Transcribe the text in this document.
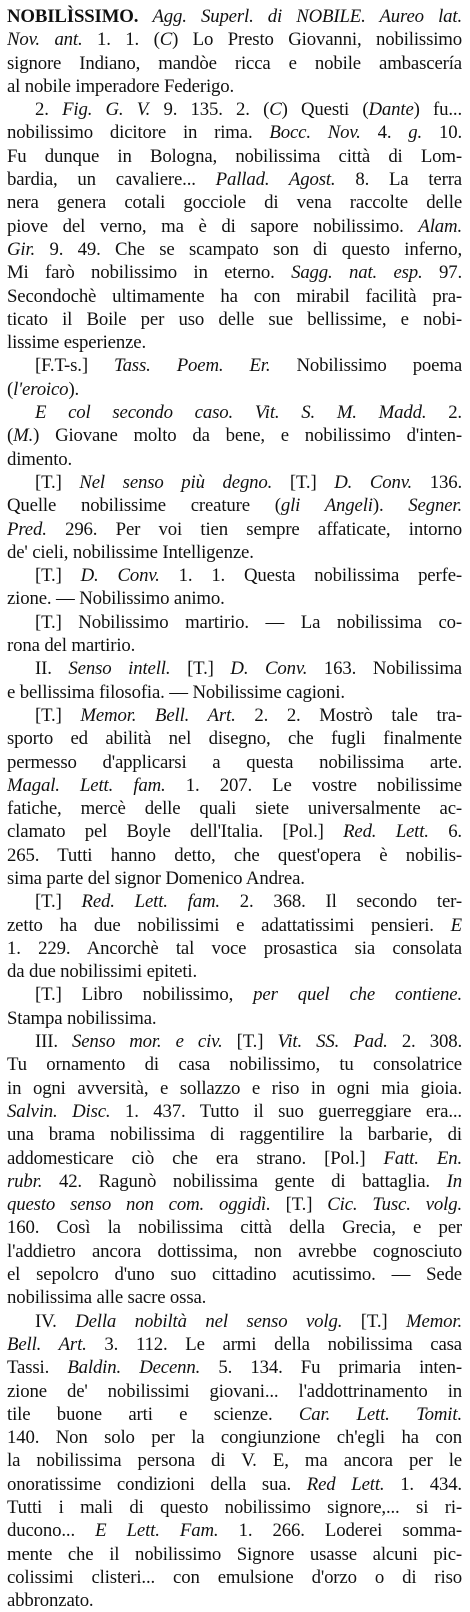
NOBILÌSSIMO. Agg. Superl. di NOBILE. Aureo lat.
Nov. ant. 1. 1. (C) Lo Presto Giovanni, nobilissimo
signore Indiano, mandòe ricca e nobile ambascería
al nobile imperadore Federigo.
2. Fig. G. V. 9. 135. 2. (C) Questi (Dante) fu...
nobilissimo dicitore in rima. Bocc. Nov. 4. g. 10.
Fu dunque in Bologna, nobilissima città di Lom-
bardia, un cavaliere... Pallad. Agost. 8. La terra
nera genera cotali gocciole di vena raccolte delle
piove del verno, ma è di sapore nobilissimo. Alam.
Gir. 9. 49. Che se scampato son di questo inferno,
Mi farò nobilissimo in eterno. Sagg. nat. esp. 97.
Secondochè ultimamente ha con mirabil facilità pra-
ticato il Boile per uso delle sue bellissime, e nobi-
lissime esperienze.
[F.T-s.] Tass. Poem. Er. Nobilissimo poema
(l'eroico).
E col secondo caso. Vit. S. M. Madd. 2.
(M.) Giovane molto da bene, e nobilissimo d'inten-
dimento.
[T.] Nel senso più degno. [T.] D. Conv. 136.
Quelle nobilissime creature (gli Angeli). Segner.
Pred. 296. Per voi tien sempre affaticate, intorno
de' cieli, nobilissime Intelligenze.
[T.] D. Conv. 1. 1. Questa nobilissima perfe-
zione. — Nobilissimo animo.
[T.] Nobilissimo martirio. — La nobilissima co-
rona del martirio.
II. Senso intell. [T.] D. Conv. 163. Nobilissima
e bellissima filosofia. — Nobilissime cagioni.
[T.] Memor. Bell. Art. 2. 2. Mostrò tale tra-
sporto ed abilità nel disegno, che fugli finalmente
permesso d'applicarsi a questa nobilissima arte.
Magal. Lett. fam. 1. 207. Le vostre nobilissime
fatiche, mercè delle quali siete universalmente ac-
clamato pel Boyle dell'Italia. [Pol.] Red. Lett. 6.
265. Tutti hanno detto, che quest'opera è nobilis-
sima parte del signor Domenico Andrea.
[T.] Red. Lett. fam. 2. 368. Il secondo ter-
zetto ha due nobilissimi e adattatissimi pensieri. E
1. 229. Ancorchè tal voce prosastica sia consolata
da due nobilissimi epiteti.
[T.] Libro nobilissimo, per quel che contiene.
Stampa nobilissima.
III. Senso mor. e civ. [T.] Vit. SS. Pad. 2. 308.
Tu ornamento di casa nobilissimo, tu consolatrice
in ogni avversità, e sollazzo e riso in ogni mia gioia.
Salvin. Disc. 1. 437. Tutto il suo guerreggiare era...
una brama nobilissima di raggentilire la barbarie, di
addomesticare ciò che era strano. [Pol.] Fatt. En.
rubr. 42. Ragunò nobilissima gente di battaglia. In
questo senso non com. oggidì. [T.] Cic. Tusc. volg.
160. Così la nobilissima città della Grecia, e per
l'addietro ancora dottissima, non avrebbe cognosciuto
el sepolcro d'uno suo cittadino acutissimo. — Sede
nobilissima alle sacre ossa.
IV. Della nobiltà nel senso volg. [T.] Memor.
Bell. Art. 3. 112. Le armi della nobilissima casa
Tassi. Baldin. Decenn. 5. 134. Fu primaria inten-
zione de' nobilissimi giovani... l'addottrinamento in
tile buone arti e scienze. Car. Lett. Tomit.
140. Non solo per la congiunzione ch'egli ha con
la nobilissima persona di V. E, ma ancora per le
onoratissime condizioni della sua. Red Lett. 1. 434.
Tutti i mali di questo nobilissimo signore,... si ri-
ducono... E Lett. Fam. 1. 266. Loderei somma-
mente che il nobilissimo Signore usasse alcuni pic-
colissimi clisteri... con emulsione d'orzo o di riso
abbronzato.
